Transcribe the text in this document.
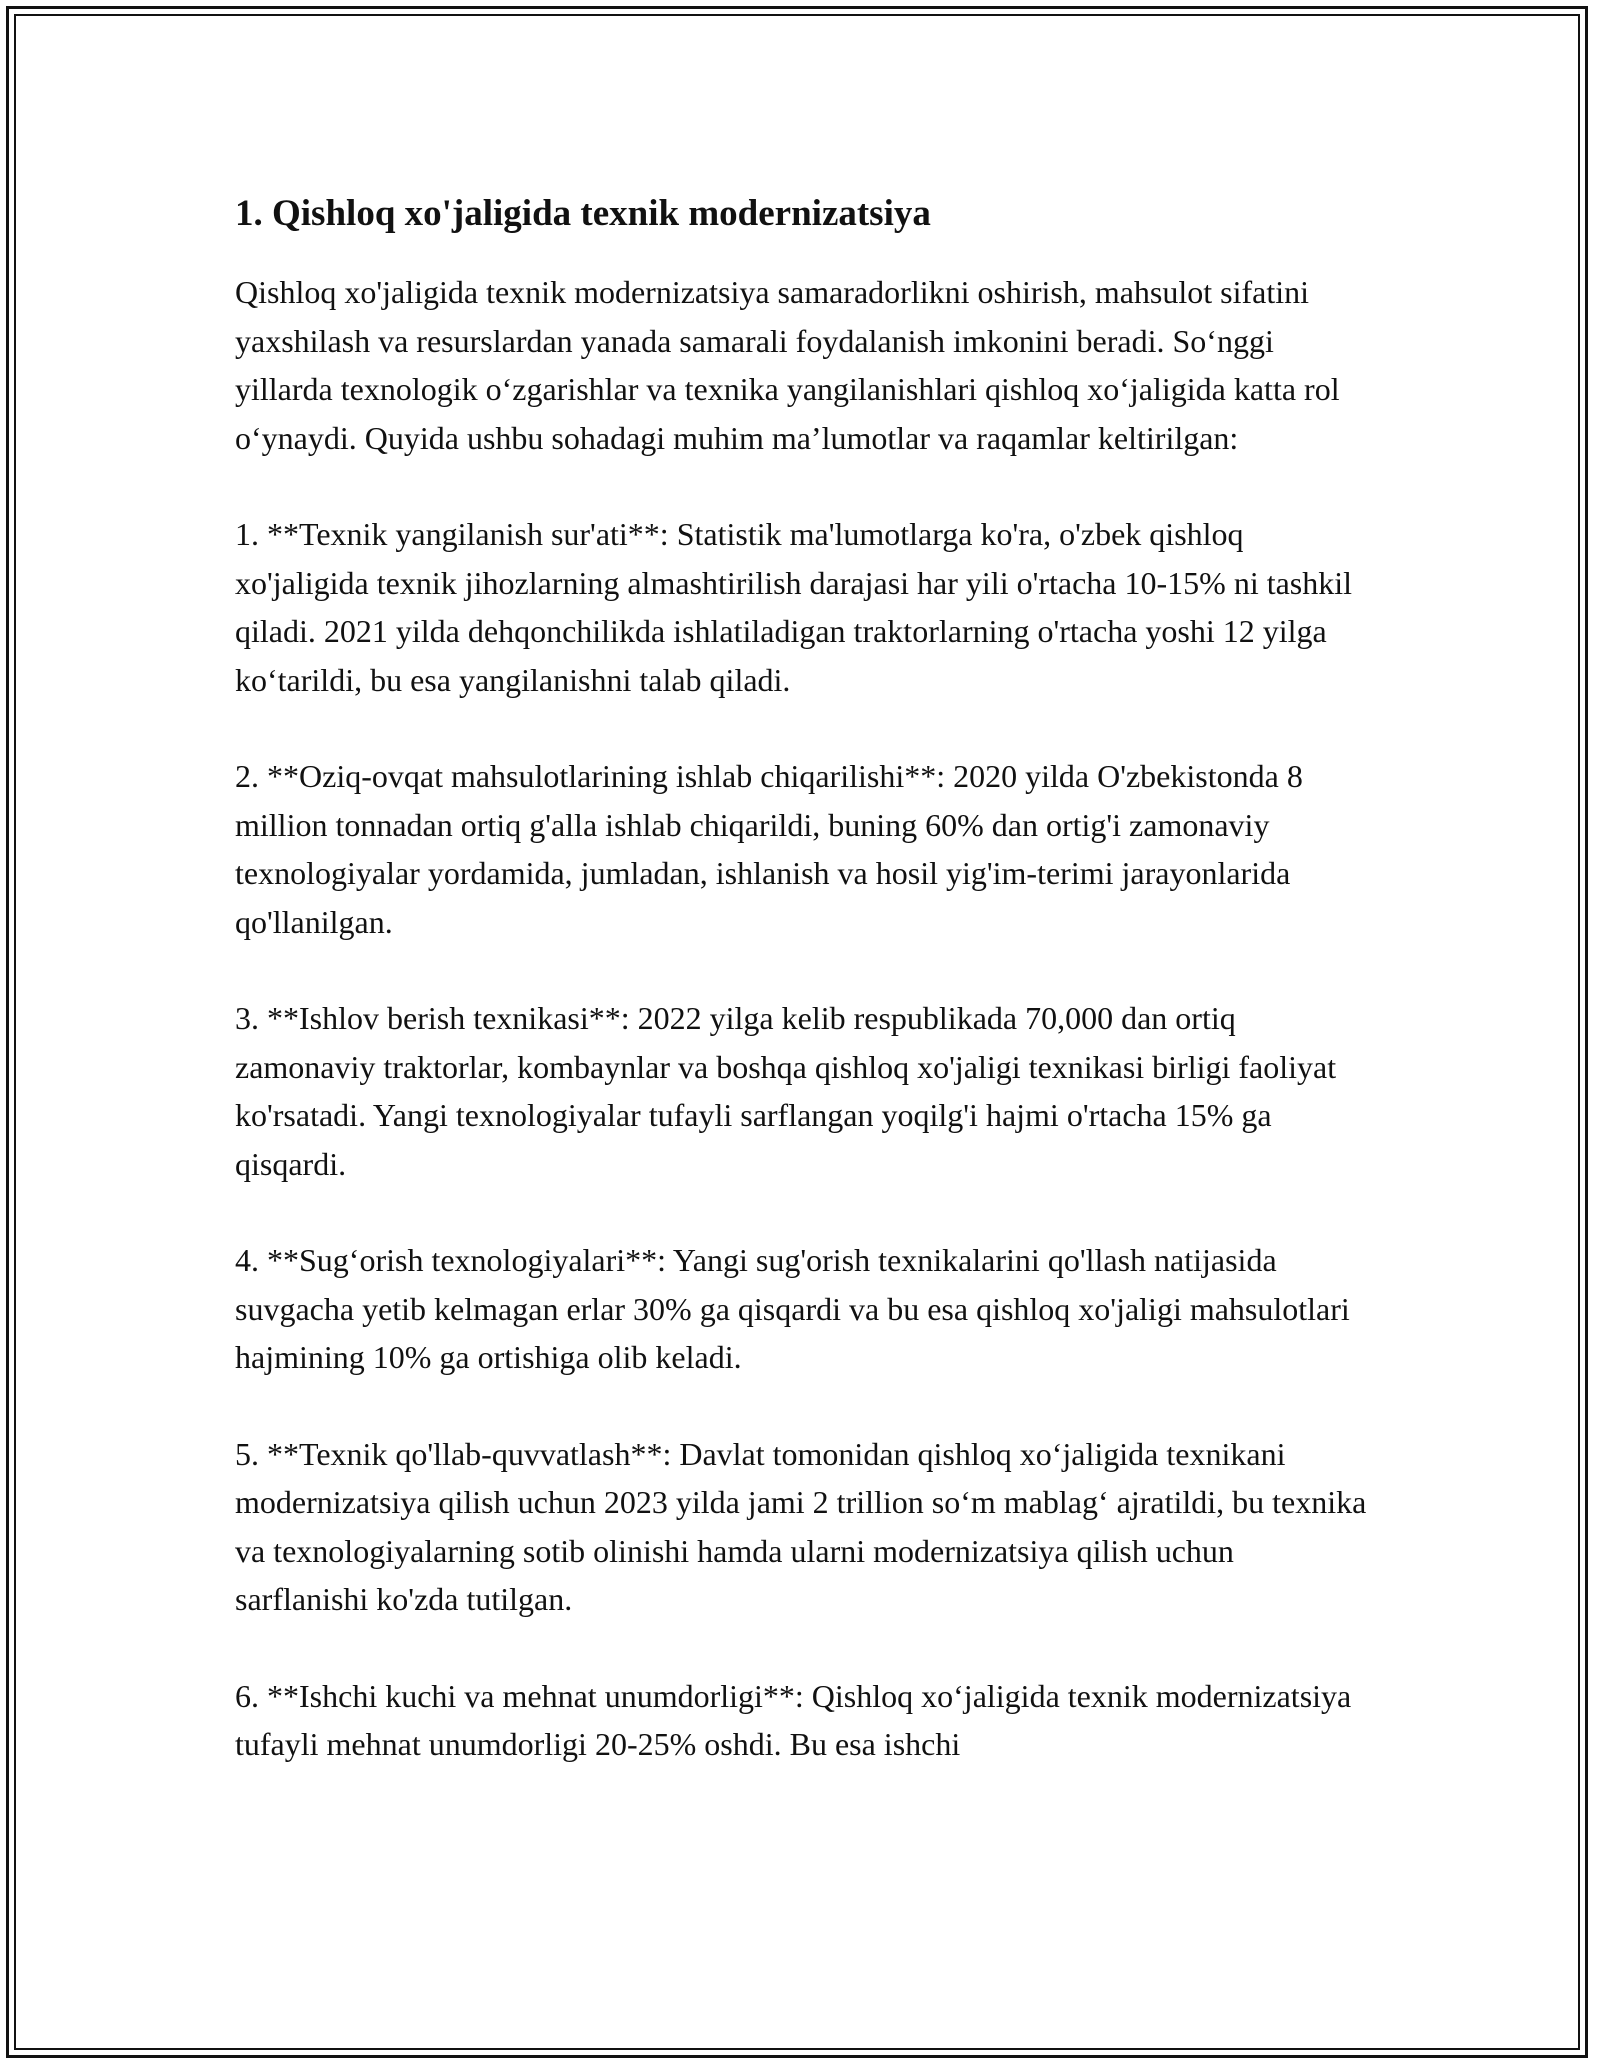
1. Qishloq xo'jaligida texnik modernizatsiya

Qishloq xo'jaligida texnik modernizatsiya samaradorlikni oshirish, mahsulot sifatini yaxshilash va resurslardan yanada samarali foydalanish imkonini beradi. So‘nggi yillarda texnologik o‘zgarishlar va texnika yangilanishlari qishloq xo‘jaligida katta rol o‘ynaydi. Quyida ushbu sohadagi muhim ma’lumotlar va raqamlar keltirilgan:

1. **Texnik yangilanish sur'ati**: Statistik ma'lumotlarga ko'ra, o'zbek qishloq xo'jaligida texnik jihozlarning almashtirilish darajasi har yili o'rtacha 10-15% ni tashkil qiladi. 2021 yilda dehqonchilikda ishlatiladigan traktorlarning o'rtacha yoshi 12 yilga ko‘tarildi, bu esa yangilanishni talab qiladi.

2. **Oziq-ovqat mahsulotlarining ishlab chiqarilishi**: 2020 yilda O'zbekistonda 8 million tonnadan ortiq g'alla ishlab chiqarildi, buning 60% dan ortig'i zamonaviy texnologiyalar yordamida, jumladan, ishlanish va hosil yig'im-terimi jarayonlarida qo'llanilgan.

3. **Ishlov berish texnikasi**: 2022 yilga kelib respublikada 70,000 dan ortiq zamonaviy traktorlar, kombaynlar va boshqa qishloq xo'jaligi texnikasi birligi faoliyat ko'rsatadi. Yangi texnologiyalar tufayli sarflangan yoqilg'i hajmi o'rtacha 15% ga qisqardi.

4. **Sug‘orish texnologiyalari**: Yangi sug'orish texnikalarini qo'llash natijasida suvgacha yetib kelmagan erlar 30% ga qisqardi va bu esa qishloq xo'jaligi mahsulotlari hajmining 10% ga ortishiga olib keladi.

5. **Texnik qo'llab-quvvatlash**: Davlat tomonidan qishloq xo‘jaligida texnikani modernizatsiya qilish uchun 2023 yilda jami 2 trillion so‘m mablag‘ ajratildi, bu texnika va texnologiyalarning sotib olinishi hamda ularni modernizatsiya qilish uchun sarflanishi ko'zda tutilgan.

6. **Ishchi kuchi va mehnat unumdorligi**: Qishloq xo‘jaligida texnik modernizatsiya tufayli mehnat unumdorligi 20-25% oshdi. Bu esa ishchi
